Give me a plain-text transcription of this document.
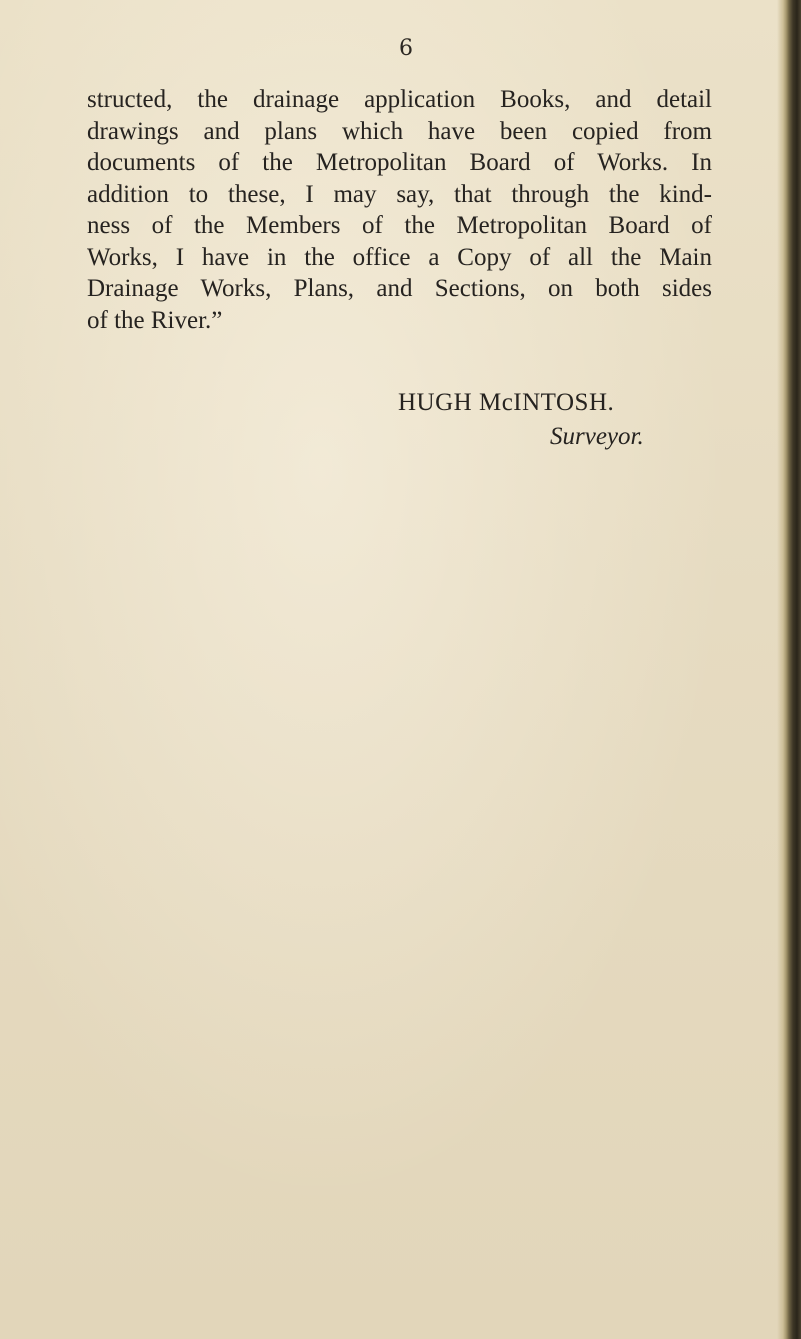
6
structed, the drainage application Books, and detail
drawings and plans which have been copied from
documents of the Metropolitan Board of Works. In
addition to these, I may say, that through the kind-
ness of the Members of the Metropolitan Board of
Works, I have in the office a Copy of all the Main
Drainage Works, Plans, and Sections, on both sides
of the River.”
HUGH McINTOSH.
Surveyor.
